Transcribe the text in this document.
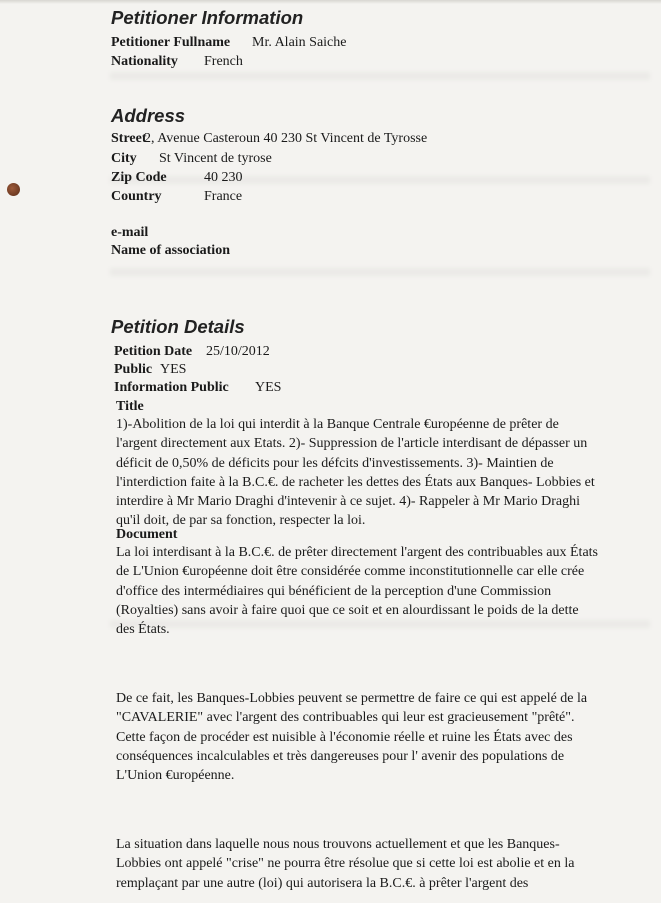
Petitioner Information
Petitioner Fullname Mr. Alain Saiche
Nationality French
Address
Street
2, Avenue Casteroun 40 230 St Vincent de Tyrosse
City St Vincent de tyrose
Zip Code	40 230
Country	France
e-mail
Name of association
Petition Details
Petition Date 25/10/2012
Public YES
Information Public YES
Title
1)-Abolition de la loi qui interdit à la Banque Centrale €uropéenne de prêter de
l'argent directement aux Etats. 2)- Suppression de l'article interdisant de dépasser un
déficit de 0,50% de déficits pour les défcits d'investissements. 3)- Maintien de
l'interdiction faite à la B.C.€. de racheter les dettes des États aux Banques- Lobbies et
interdire à Mr Mario Draghi d'intevenir à ce sujet. 4)- Rappeler à Mr Mario Draghi
qu'il doit, de par sa fonction, respecter la loi.
Document
La loi interdisant à la B.C.€. de prêter directement l'argent des contribuables aux États
de L'Union €uropéenne doit être considérée comme inconstitutionnelle car elle crée
d'office des intermédiaires qui bénéficient de la perception d'une Commission
(Royalties) sans avoir à faire quoi que ce soit et en alourdissant le poids de la dette
des États.
De ce fait, les Banques-Lobbies peuvent se permettre de faire ce qui est appelé de la
"CAVALERIE" avec l'argent des contribuables qui leur est gracieusement "prêté".
Cette façon de procéder est nuisible à l'économie réelle et ruine les États avec des
conséquences incalculables et très dangereuses pour l' avenir des populations de
L'Union €uropéenne.
La situation dans laquelle nous nous trouvons actuellement et que les Banques-
Lobbies ont appelé "crise" ne pourra être résolue que si cette loi est abolie et en la
remplaçant par une autre (loi) qui autorisera la B.C.€. à prêter l'argent des
